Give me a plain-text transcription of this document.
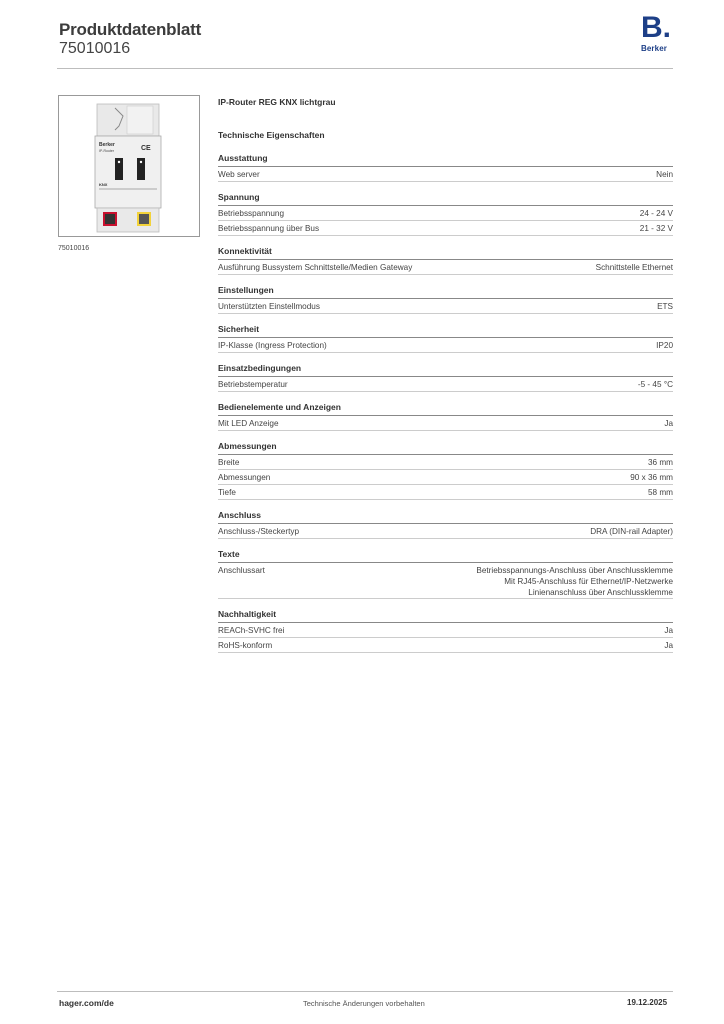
Produktdatenblatt
75010016
B.
Berker
Berker
IP-Router	CE
KNX
75010016
IP-Router REG KNX lichtgrau
Technische Eigenschaften
Ausstattung
Web server	Nein
Spannung
Betriebsspannung	24 - 24 V
Betriebsspannung über Bus	21 - 32 V
Konnektivität
Ausführung Bussystem Schnittstelle/Medien Gateway	Schnittstelle Ethernet
Einstellungen
Unterstützten Einstellmodus	ETS
Sicherheit
IP-Klasse (Ingress Protection)	IP20
Einsatzbedingungen
Betriebstemperatur	-5 - 45 °C
Bedienelemente und Anzeigen
Mit LED Anzeige	Ja
Abmessungen
Breite	36 mm
Abmessungen	90 x 36 mm
Tiefe	58 mm
Anschluss
Anschluss-/Steckertyp	DRA (DIN-rail Adapter)
Texte
Anschlussart	Betriebsspannungs-Anschluss über Anschlussklemme
Mit RJ45-Anschluss für Ethernet/IP-Netzwerke
Linienanschluss über Anschlussklemme
Nachhaltigkeit
REACh-SVHC frei	Ja
RoHS-konform	Ja
hager.com/de	Technische Änderungen vorbehalten	19.12.2025
